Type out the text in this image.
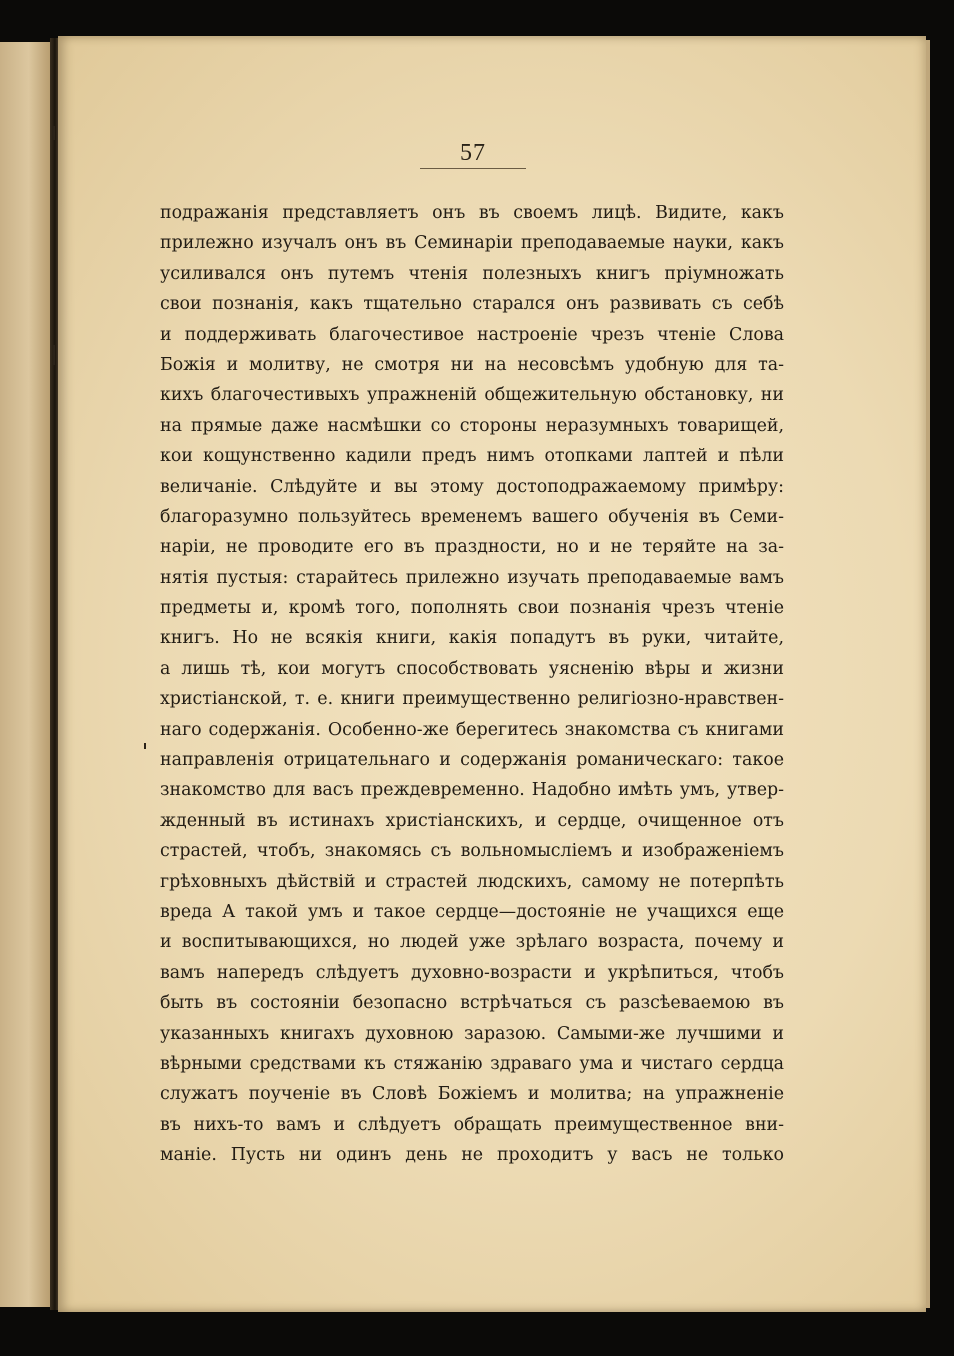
57
подражанія представляетъ онъ въ своемъ лицѣ. Видите, какъ
прилежно изучалъ онъ въ Семинаріи преподаваемые науки, какъ
усиливался онъ путемъ чтенія полезныхъ книгъ пріумножать
свои познанія, какъ тщательно старался онъ развивать съ себѣ
и поддерживать благочестивое настроеніе чрезъ чтеніе Слова
Божія и молитву, не смотря ни на несовсѣмъ удобную для та-
кихъ благочестивыхъ упражненій общежительную обстановку, ни
на прямые даже насмѣшки со стороны неразумныхъ товарищей,
кои кощунственно кадили предъ нимъ отопками лаптей и пѣли
величаніе. Слѣдуйте и вы этому достоподражаемому примѣру:
благоразумно пользуйтесь временемъ вашего обученія въ Семи-
наріи, не проводите его въ праздности, но и не теряйте на за-
нятія пустыя: старайтесь прилежно изучать преподаваемые вамъ
предметы и, кромѣ того, пополнять свои познанія чрезъ чтеніе
книгъ. Но не всякія книги, какія попадутъ въ руки, читайте,
а лишь тѣ, кои могутъ способствовать уясненію вѣры и жизни
христіанской, т. е. книги преимущественно религіозно-нравствен-
наго содержанія. Особенно-же берегитесь знакомства съ книгами
направленія отрицательнаго и содержанія романическаго: такое
знакомство для васъ преждевременно. Надобно имѣть умъ, утвер-
жденный въ истинахъ христіанскихъ, и сердце, очищенное отъ
страстей, чтобъ, знакомясь съ вольномысліемъ и изображеніемъ
грѣховныхъ дѣйствій и страстей людскихъ, самому не потерпѣть
вреда А такой умъ и такое сердце—достояніе не учащихся еще
и воспитывающихся, но людей уже зрѣлаго возраста, почему и
вамъ напередъ слѣдуетъ духовно-возрасти и укрѣпиться, чтобъ
быть въ состояніи безопасно встрѣчаться съ разсѣеваемою въ
указанныхъ книгахъ духовною заразою. Самыми-же лучшими и
вѣрными средствами къ стяжанію здраваго ума и чистаго сердца
служатъ поученіе въ Словѣ Божіемъ и молитва; на упражненіе
въ нихъ-то вамъ и слѣдуетъ обращать преимущественное вни-
маніе. Пусть ни одинъ день не проходитъ у васъ не только
